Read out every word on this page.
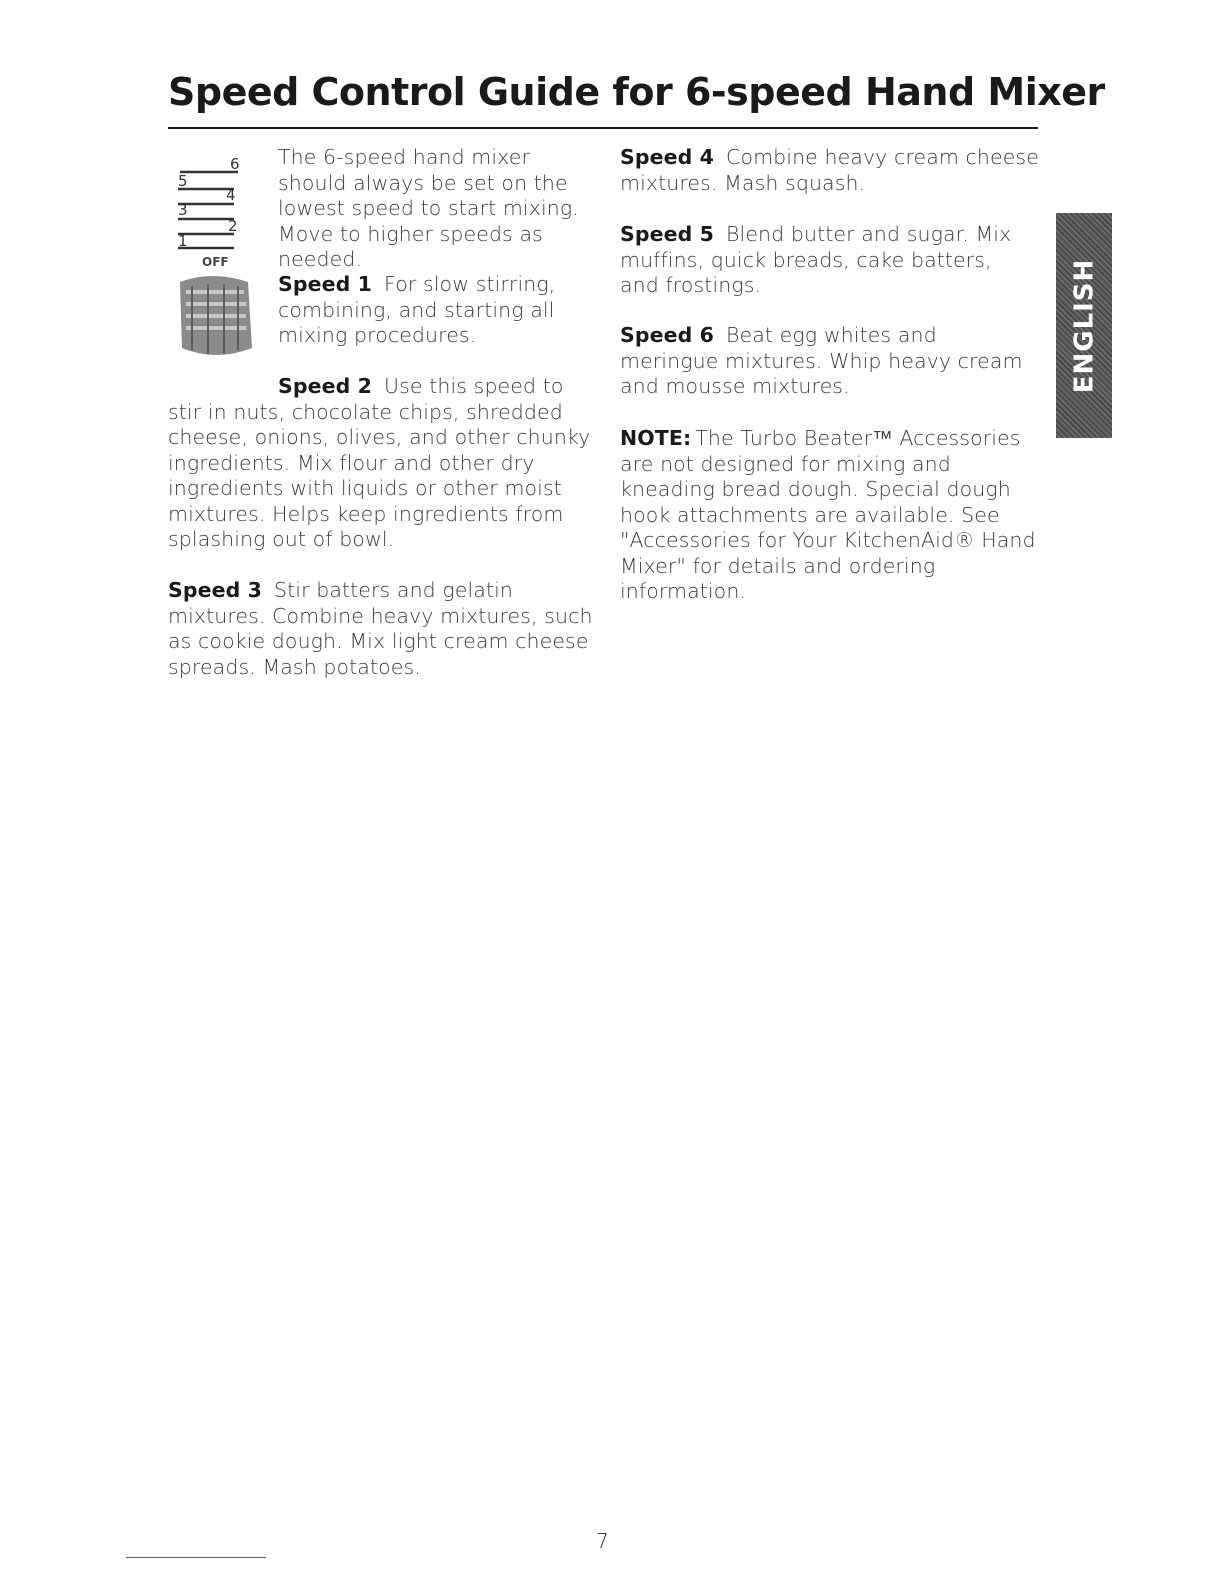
Speed Control Guide for 6-speed Hand Mixer
6
5
4
3
2
1
OFF

The 6-speed hand mixer should always be set on the lowest speed to start mixing. Move to higher speeds as needed.

Speed 1 For slow stirring, combining, and starting all mixing procedures.

Speed 2 Use this speed to stir in nuts, chocolate chips, shredded cheese, onions, olives, and other chunky ingredients. Mix flour and other dry ingredients with liquids or other moist mixtures. Helps keep ingredients from splashing out of bowl.

Speed 3 Stir batters and gelatin mixtures. Combine heavy mixtures, such as cookie dough. Mix light cream cheese spreads. Mash potatoes.

Speed 4 Combine heavy cream cheese mixtures. Mash squash.

Speed 5 Blend butter and sugar. Mix muffins, quick breads, cake batters, and frostings.

Speed 6 Beat egg whites and meringue mixtures. Whip heavy cream and mousse mixtures.

NOTE: The Turbo Beater™ Accessories are not designed for mixing and kneading bread dough. Special dough hook attachments are available. See "Accessories for Your KitchenAid® Hand Mixer" for details and ordering information.

ENGLISH
7
